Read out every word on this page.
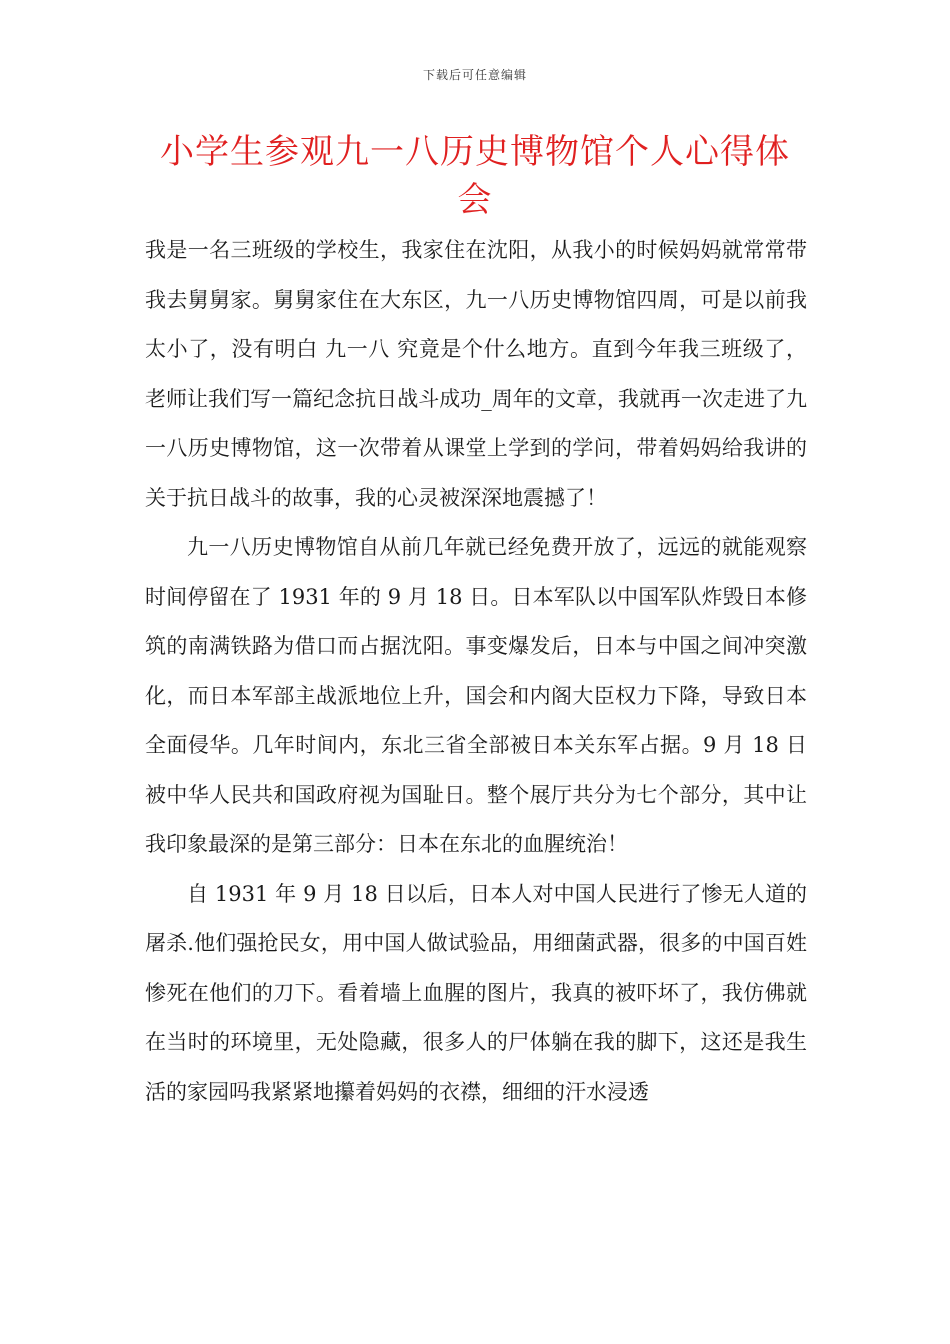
下载后可任意编辑
小学生参观九一八历史博物馆个人心得体会

我是一名三班级的学校生，我家住在沈阳，从我小的时候妈妈就常常带我去舅舅家。舅舅家住在大东区，九一八历史博物馆四周，可是以前我太小了，没有明白 九一八 究竟是个什么地方。直到今年我三班级了，老师让我们写一篇纪念抗日战斗成功_周年的文章，我就再一次走进了九一八历史博物馆，这一次带着从课堂上学到的学问，带着妈妈给我讲的关于抗日战斗的故事，我的心灵被深深地震撼了！

九一八历史博物馆自从前几年就已经免费开放了，远远的就能观察时间停留在了 1931 年的 9 月 18 日。日本军队以中国军队炸毁日本修筑的南满铁路为借口而占据沈阳。事变爆发后，日本与中国之间冲突激化，而日本军部主战派地位上升，国会和内阁大臣权力下降，导致日本全面侵华。几年时间内，东北三省全部被日本关东军占据。9 月 18 日被中华人民共和国政府视为国耻日。整个展厅共分为七个部分，其中让我印象最深的是第三部分：日本在东北的血腥统治！

自 1931 年 9 月 18 日以后，日本人对中国人民进行了惨无人道的屠杀.他们强抢民女，用中国人做试验品，用细菌武器，很多的中国百姓惨死在他们的刀下。看着墙上血腥的图片，我真的被吓坏了，我仿佛就在当时的环境里，无处隐藏，很多人的尸体躺在我的脚下，这还是我生活的家园吗我紧紧地攥着妈妈的衣襟，细细的汗水浸透
